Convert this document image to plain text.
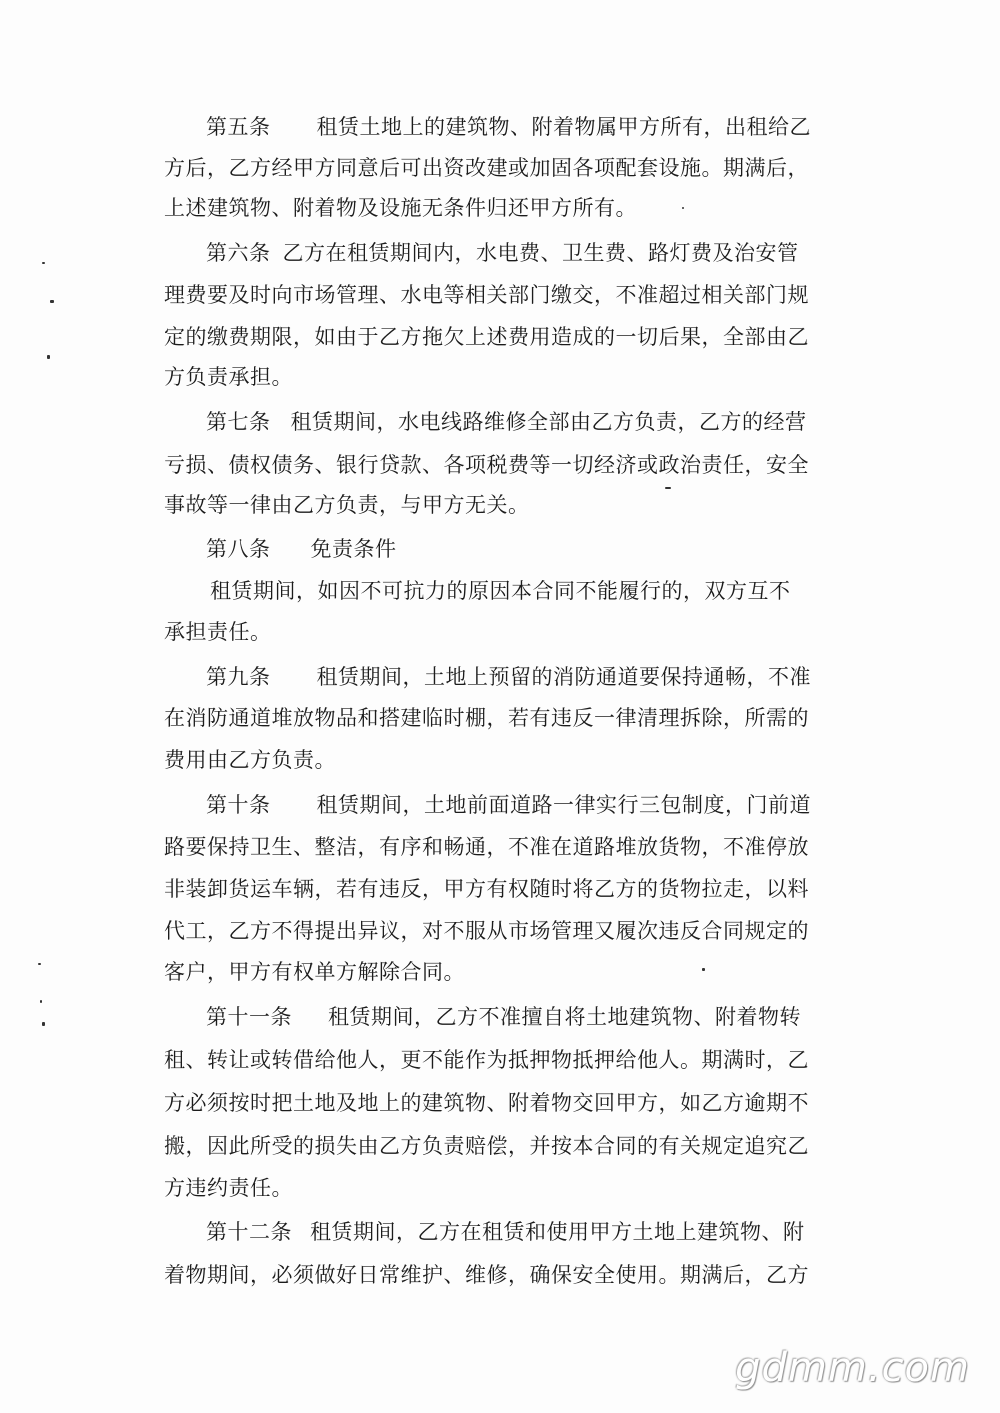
第五条 租赁土地上的建筑物、附着物属甲方所有，出租给乙
方后，乙方经甲方同意后可出资改建或加固各项配套设施。期满后，
上述建筑物、附着物及设施无条件归还甲方所有。
第六条 乙方在租赁期间内，水电费、卫生费、路灯费及治安管
理费要及时向市场管理、水电等相关部门缴交，不准超过相关部门规
定的缴费期限，如由于乙方拖欠上述费用造成的一切后果，全部由乙
方负责承担。
第七条 租赁期间，水电线路维修全部由乙方负责，乙方的经营
亏损、债权债务、银行贷款、各项税费等一切经济或政治责任，安全
事故等一律由乙方负责，与甲方无关。
第八条 免责条件
租赁期间，如因不可抗力的原因本合同不能履行的，双方互不
承担责任。
第九条 租赁期间，土地上预留的消防通道要保持通畅，不准
在消防通道堆放物品和搭建临时棚，若有违反一律清理拆除，所需的
费用由乙方负责。
第十条 租赁期间，土地前面道路一律实行三包制度，门前道
路要保持卫生、整洁，有序和畅通，不准在道路堆放货物，不准停放
非装卸货运车辆，若有违反，甲方有权随时将乙方的货物拉走，以料
代工，乙方不得提出异议，对不服从市场管理又履次违反合同规定的
客户，甲方有权单方解除合同。
第十一条 租赁期间，乙方不准擅自将土地建筑物、附着物转
租、转让或转借给他人，更不能作为抵押物抵押给他人。期满时，乙
方必须按时把土地及地上的建筑物、附着物交回甲方，如乙方逾期不
搬，因此所受的损失由乙方负责赔偿，并按本合同的有关规定追究乙
方违约责任。
第十二条 租赁期间，乙方在租赁和使用甲方土地上建筑物、附
着物期间，必须做好日常维护、维修，确保安全使用。期满后，乙方
gdmm.com
